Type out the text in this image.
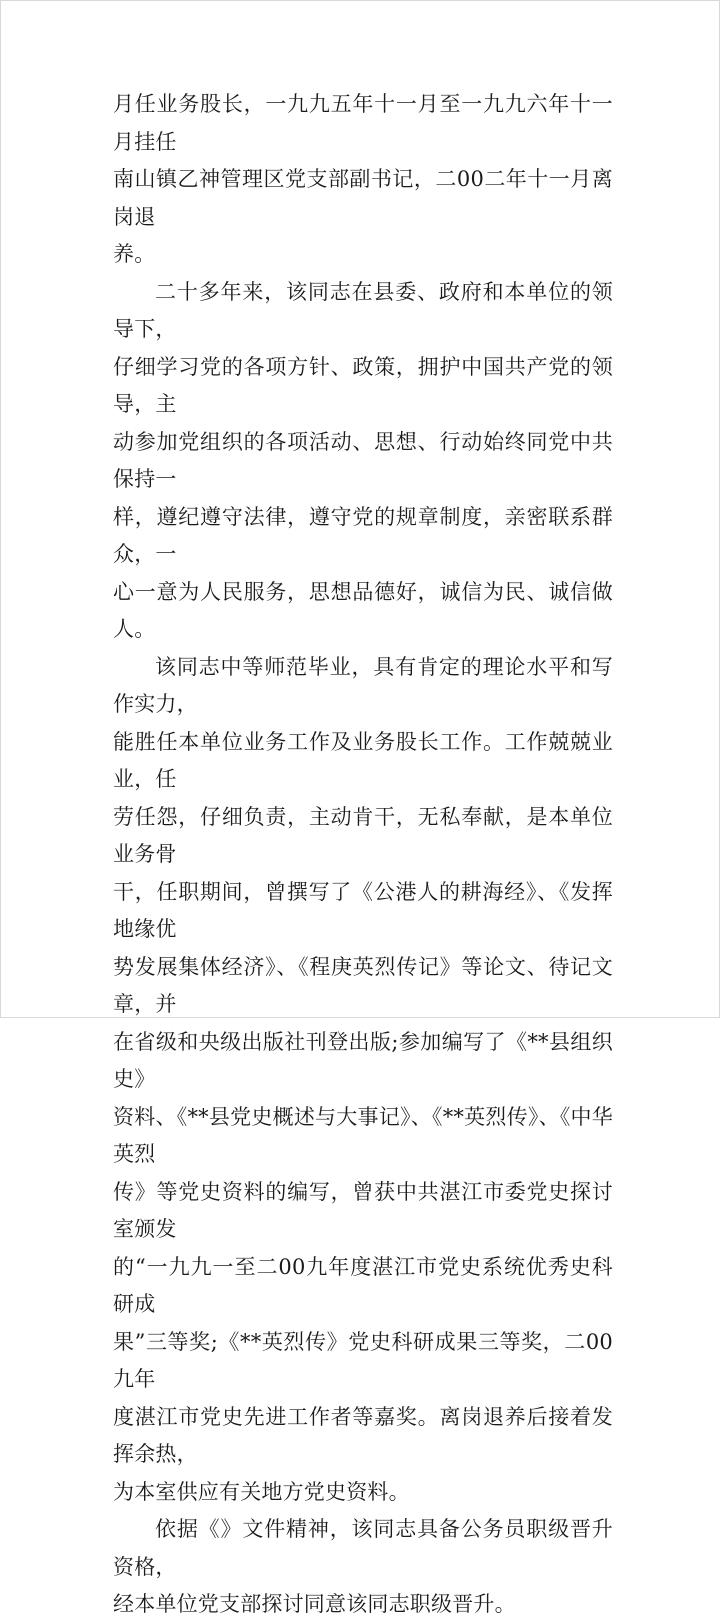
月任业务股长，一九九五年十一月至一九九六年十一月挂任
南山镇乙神管理区党支部副书记，二00二年十一月离岗退
养。

二十多年来，该同志在县委、政府和本单位的领导下，
仔细学习党的各项方针、政策，拥护中国共产党的领导，主
动参加党组织的各项活动、思想、行动始终同党中共保持一
样，遵纪遵守法律，遵守党的规章制度，亲密联系群众，一
心一意为人民服务，思想品德好，诚信为民、诚信做人。

该同志中等师范毕业，具有肯定的理论水平和写作实力，
能胜任本单位业务工作及业务股长工作。工作兢兢业业，任
劳任怨，仔细负责，主动肯干，无私奉献，是本单位业务骨
干，任职期间，曾撰写了《公港人的耕海经》、《发挥地缘优
势发展集体经济》、《程庚英烈传记》等论文、待记文章，并
在省级和央级出版社刊登出版;参加编写了《**县组织史》
资料、《**县党史概述与大事记》、《**英烈传》、《中华英烈
传》等党史资料的编写，曾获中共湛江市委党史探讨室颁发
的“一九九一至二00九年度湛江市党史系统优秀史科研成
果”三等奖;《**英烈传》党史科研成果三等奖，二00九年
度湛江市党史先进工作者等嘉奖。离岗退养后接着发挥余热，
为本室供应有关地方党史资料。

依据《》文件精神，该同志具备公务员职级晋升资格，
经本单位党支部探讨同意该同志职级晋升。
